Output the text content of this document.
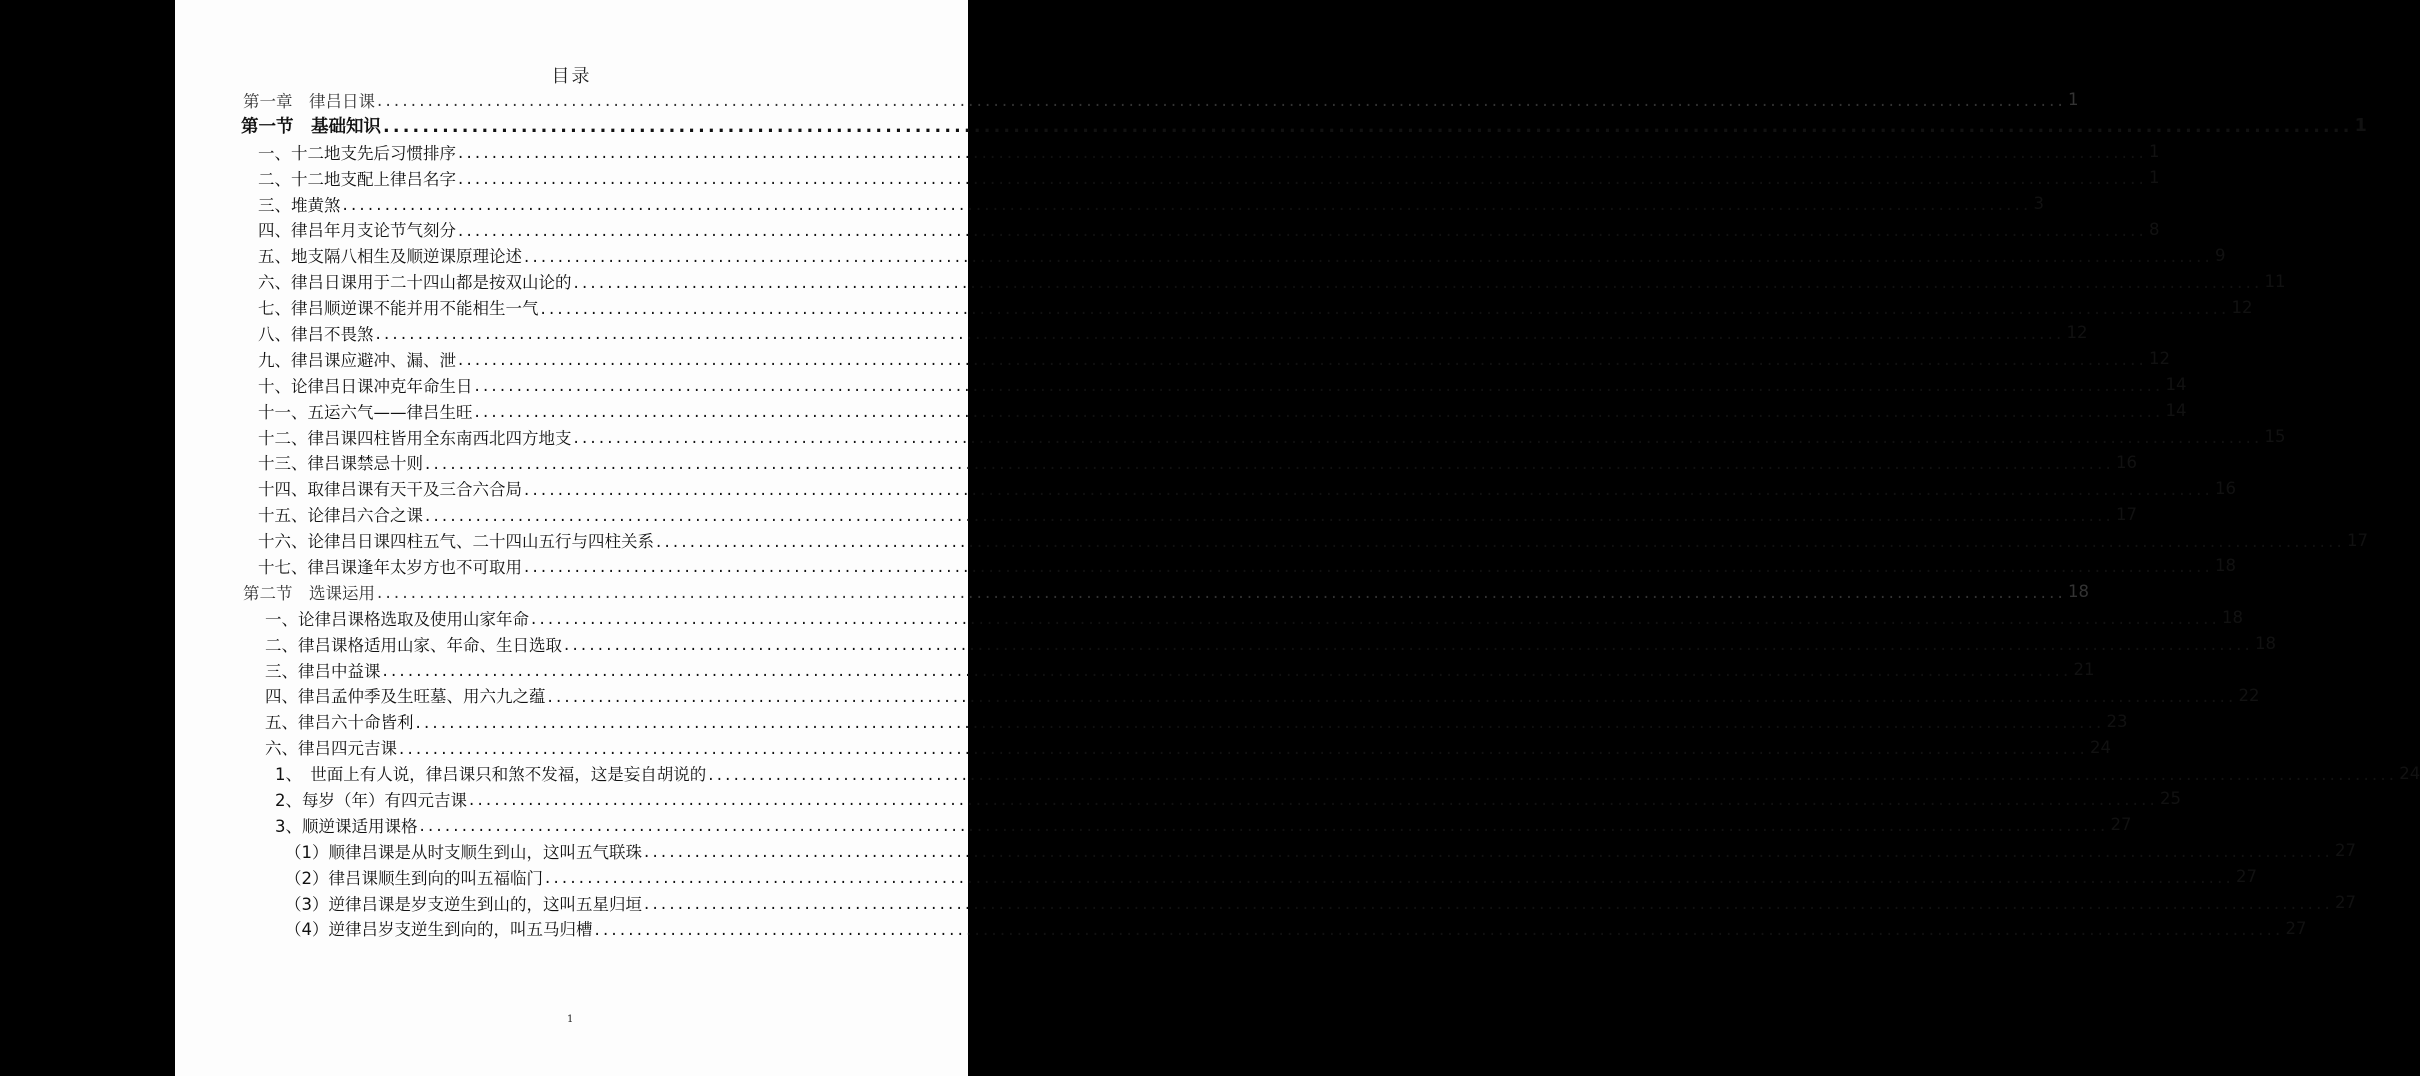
目录
第一章　律吕日课 ........................................................................................................................................................................................................ 1
第一节　基础知识 ........................................................................................................................................................................................................ 1
一、十二地支先后习惯排序 ........................................................................................................................................................................................................ 1
二、十二地支配上律吕名字 ........................................................................................................................................................................................................ 1
三、堆黄煞 ........................................................................................................................................................................................................ 3
四、律吕年月支论节气刻分 ........................................................................................................................................................................................................ 8
五、地支隔八相生及顺逆课原理论述 ........................................................................................................................................................................................................ 9
六、律吕日课用于二十四山都是按双山论的 ........................................................................................................................................................................................................ 11
七、律吕顺逆课不能并用不能相生一气 ........................................................................................................................................................................................................ 12
八、律吕不畏煞 ........................................................................................................................................................................................................ 12
九、律吕课应避冲、漏、泄 ........................................................................................................................................................................................................ 12
十、论律吕日课冲克年命生日 ........................................................................................................................................................................................................ 14
十一、五运六气——律吕生旺 ........................................................................................................................................................................................................ 14
十二、律吕课四柱皆用全东南西北四方地支 ........................................................................................................................................................................................................ 15
十三、律吕课禁忌十则 ........................................................................................................................................................................................................ 16
十四、取律吕课有天干及三合六合局 ........................................................................................................................................................................................................ 16
十五、论律吕六合之课 ........................................................................................................................................................................................................ 17
十六、论律吕日课四柱五气、二十四山五行与四柱关系 ........................................................................................................................................................................................................ 17
十七、律吕课逢年太岁方也不可取用 ........................................................................................................................................................................................................ 18
第二节　选课运用 ........................................................................................................................................................................................................ 18
一、论律吕课格选取及使用山家年命 ........................................................................................................................................................................................................ 18
二、律吕课格适用山家、年命、生日选取 ........................................................................................................................................................................................................ 18
三、律吕中益课 ........................................................................................................................................................................................................ 21
四、律吕孟仲季及生旺墓、用六九之蕴 ........................................................................................................................................................................................................ 22
五、律吕六十命皆利 ........................................................................................................................................................................................................ 23
六、律吕四元吉课 ........................................................................................................................................................................................................ 24
1、　世面上有人说，律吕课只和煞不发福，这是妄自胡说的 ........................................................................................................................................................................................................ 24
2、每岁（年）有四元吉课 ........................................................................................................................................................................................................ 25
3、顺逆课适用课格 ........................................................................................................................................................................................................ 27
（1）顺律吕课是从时支顺生到山，这叫五气联珠 ........................................................................................................................................................................................................ 27
（2）律吕课顺生到向的叫五福临门 ........................................................................................................................................................................................................ 27
（3）逆律吕课是岁支逆生到山的，这叫五星归垣 ........................................................................................................................................................................................................ 27
（4）逆律吕岁支逆生到向的，叫五马归槽 ........................................................................................................................................................................................................ 27
1
